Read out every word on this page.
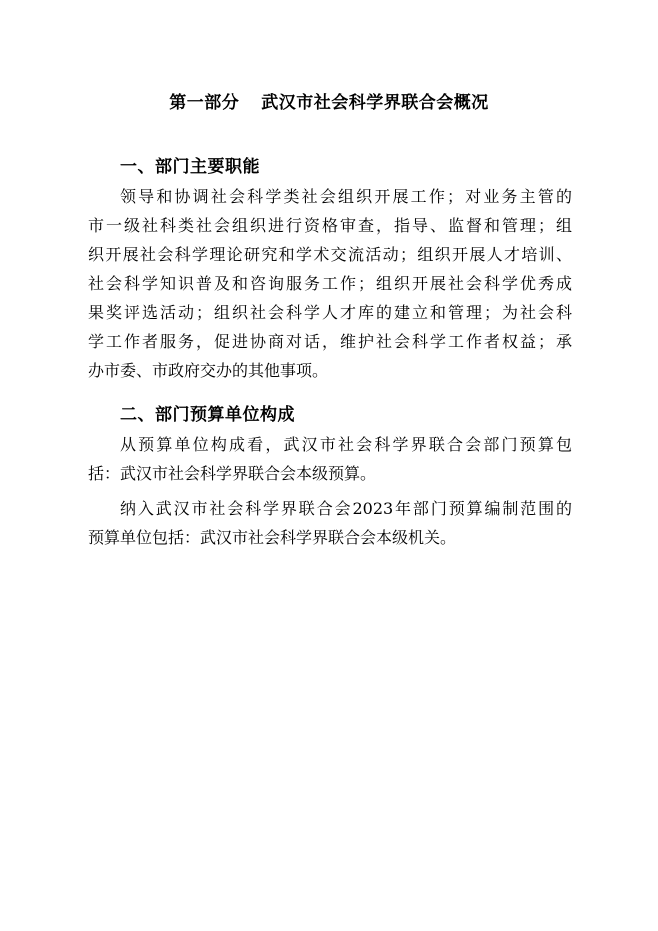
第一部分 武汉市社会科学界联合会概况
一、部门主要职能
领导和协调社会科学类社会组织开展工作；对业务主管的
市一级社科类社会组织进行资格审查，指导、监督和管理；组
织开展社会科学理论研究和学术交流活动；组织开展人才培训、
社会科学知识普及和咨询服务工作；组织开展社会科学优秀成
果奖评选活动；组织社会科学人才库的建立和管理；为社会科
学工作者服务，促进协商对话，维护社会科学工作者权益；承
办市委、市政府交办的其他事项。
二、部门预算单位构成
从预算单位构成看，武汉市社会科学界联合会部门预算包
括：武汉市社会科学界联合会本级预算。
纳入武汉市社会科学界联合会2023年部门预算编制范围的
预算单位包括：武汉市社会科学界联合会本级机关。
